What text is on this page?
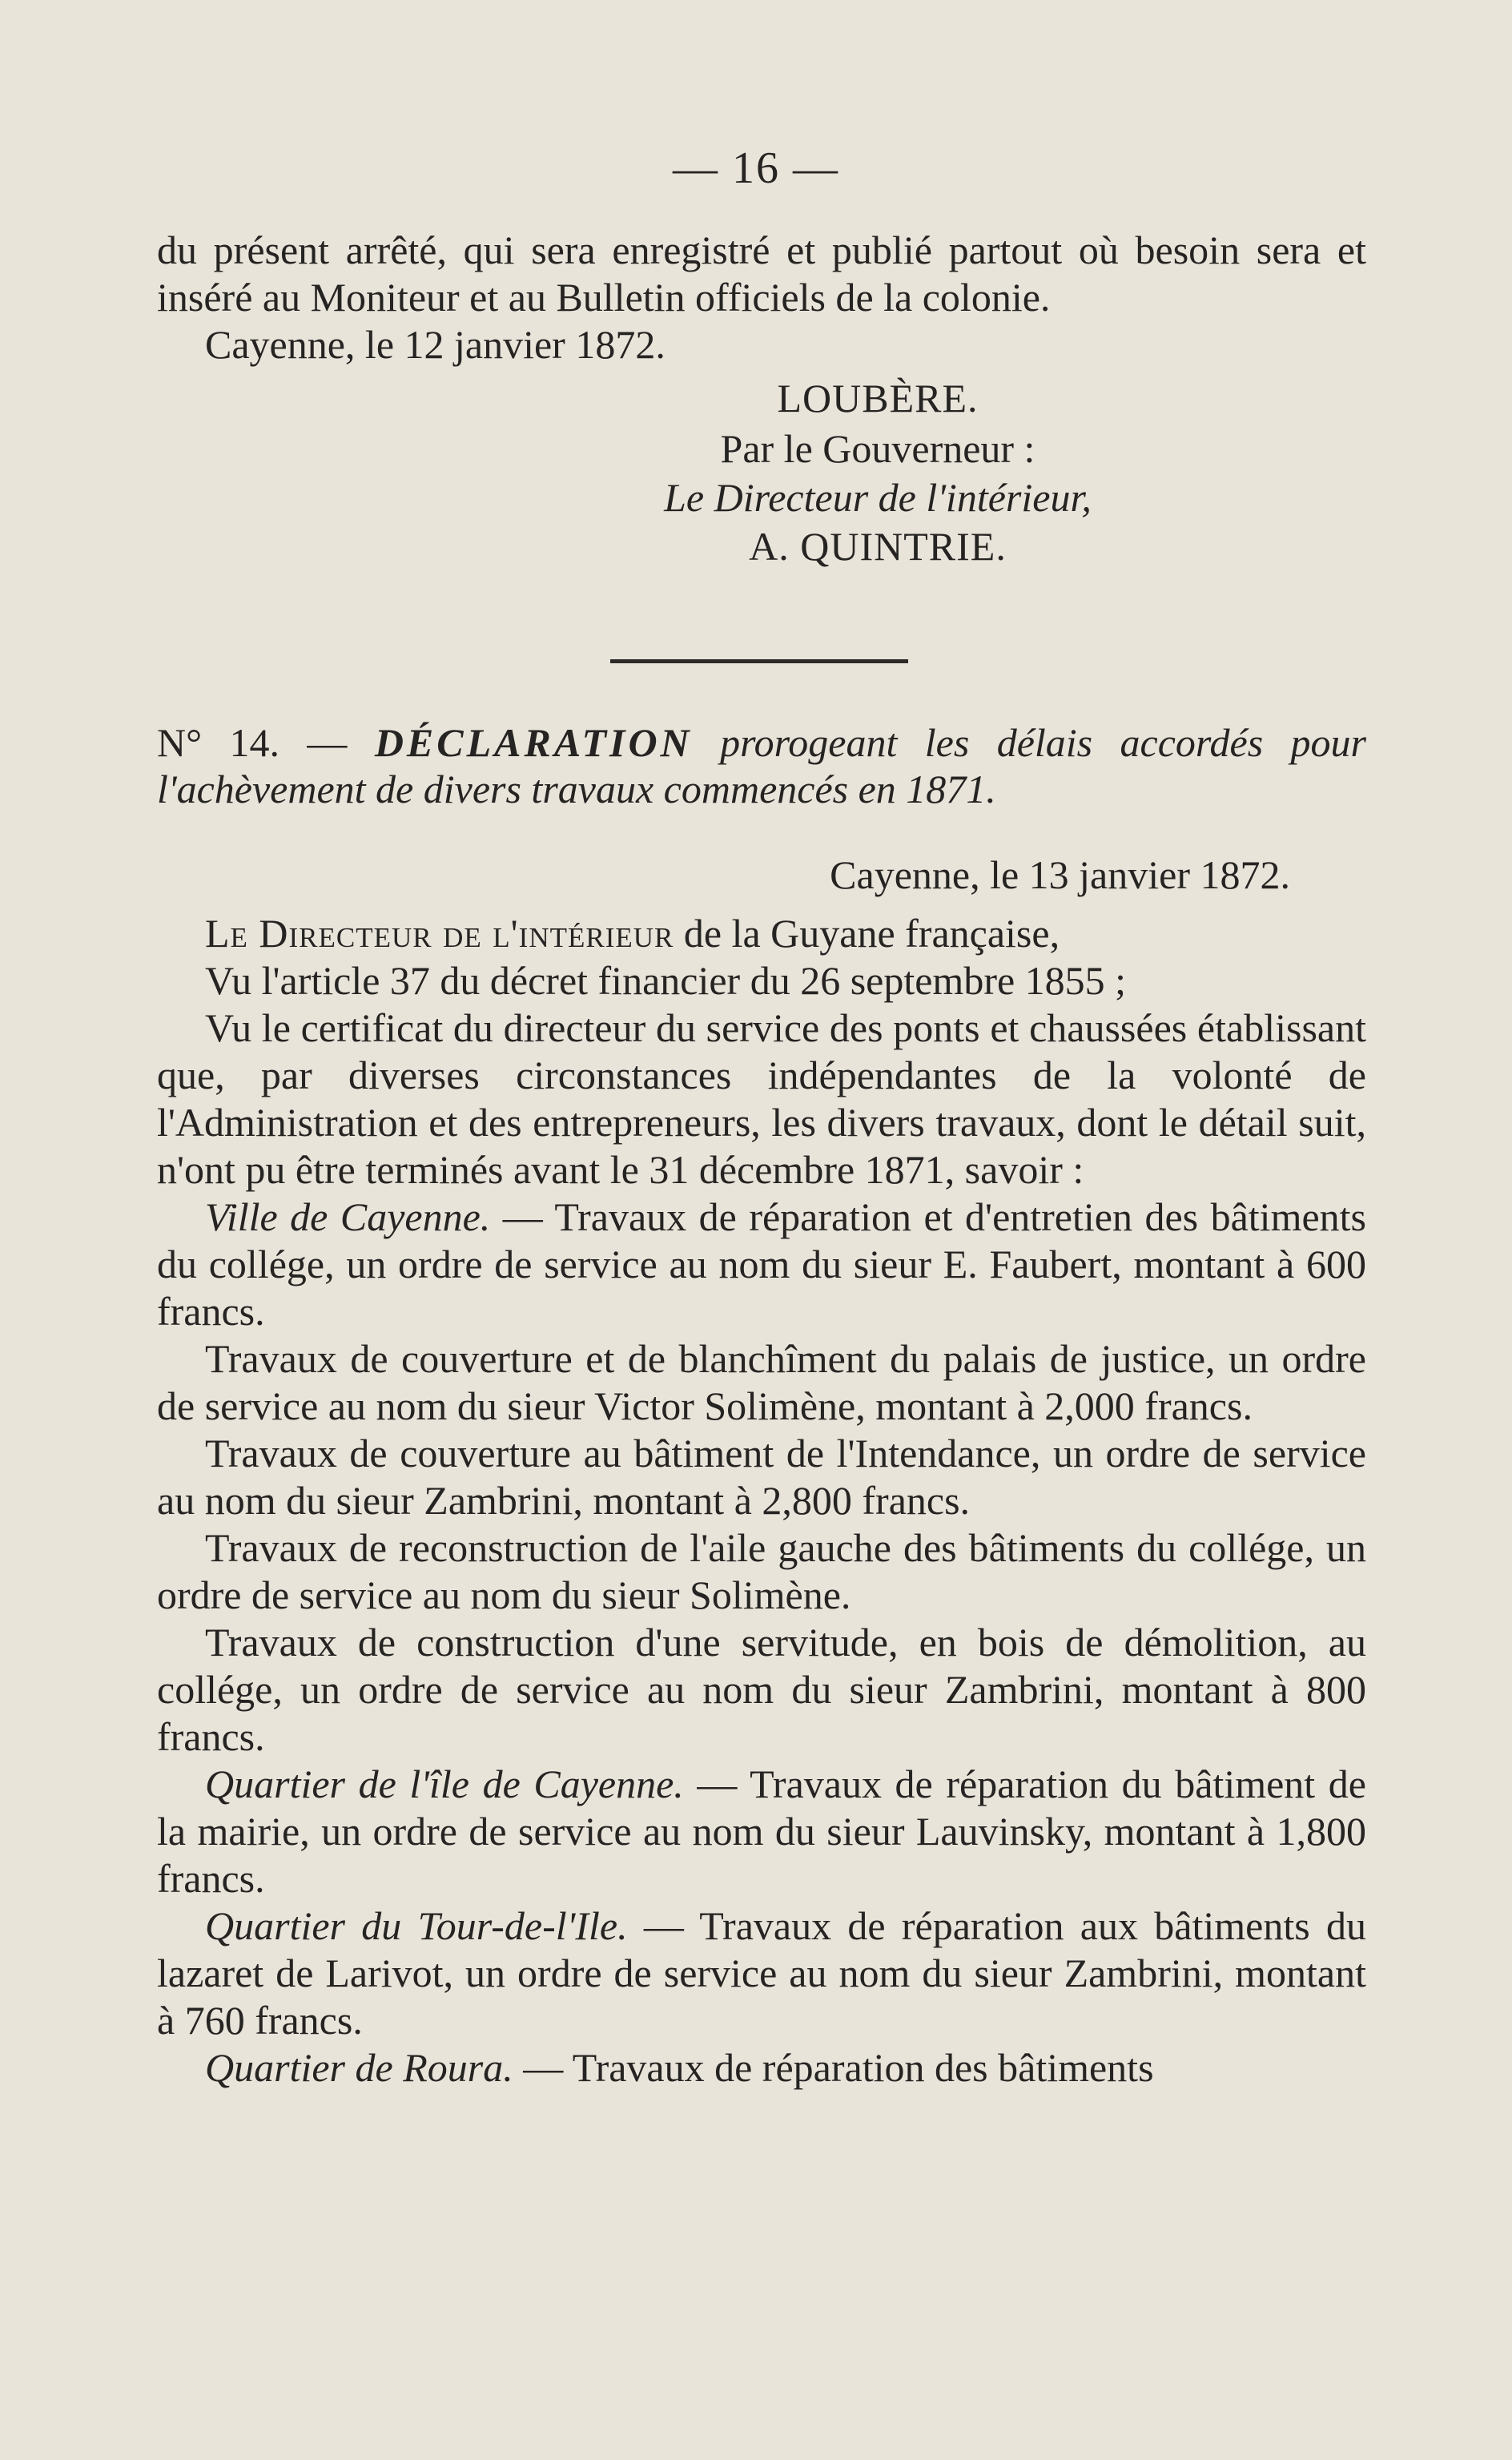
— 16 —

du présent arrêté, qui sera enregistré et publié partout où besoin sera et inséré au Moniteur et au Bulletin officiels de la colonie.

Cayenne, le 12 janvier 1872.

LOUBÈRE.

Par le Gouverneur :

Le Directeur de l'intérieur,

A. QUINTRIE.

N° 14. — DÉCLARATION prorogeant les délais accordés pour l'achèvement de divers travaux commencés en 1871.

Cayenne, le 13 janvier 1872.

Le Directeur de l'intérieur de la Guyane française,

Vu l'article 37 du décret financier du 26 septembre 1855 ;

Vu le certificat du directeur du service des ponts et chaussées établissant que, par diverses circonstances indépendantes de la volonté de l'Administration et des entrepreneurs, les divers travaux, dont le détail suit, n'ont pu être terminés avant le 31 décembre 1871, savoir :

Ville de Cayenne. — Travaux de réparation et d'entretien des bâtiments du collége, un ordre de service au nom du sieur E. Faubert, montant à 600 francs.

Travaux de couverture et de blanchîment du palais de justice, un ordre de service au nom du sieur Victor Solimène, montant à 2,000 francs.

Travaux de couverture au bâtiment de l'Intendance, un ordre de service au nom du sieur Zambrini, montant à 2,800 francs.

Travaux de reconstruction de l'aile gauche des bâtiments du collége, un ordre de service au nom du sieur Solimène.

Travaux de construction d'une servitude, en bois de démolition, au collége, un ordre de service au nom du sieur Zambrini, montant à 800 francs.

Quartier de l'île de Cayenne. — Travaux de réparation du bâtiment de la mairie, un ordre de service au nom du sieur Lauvinsky, montant à 1,800 francs.

Quartier du Tour-de-l'Ile. — Travaux de réparation aux bâtiments du lazaret de Larivot, un ordre de service au nom du sieur Zambrini, montant à 760 francs.

Quartier de Roura. — Travaux de réparation des bâtiments
